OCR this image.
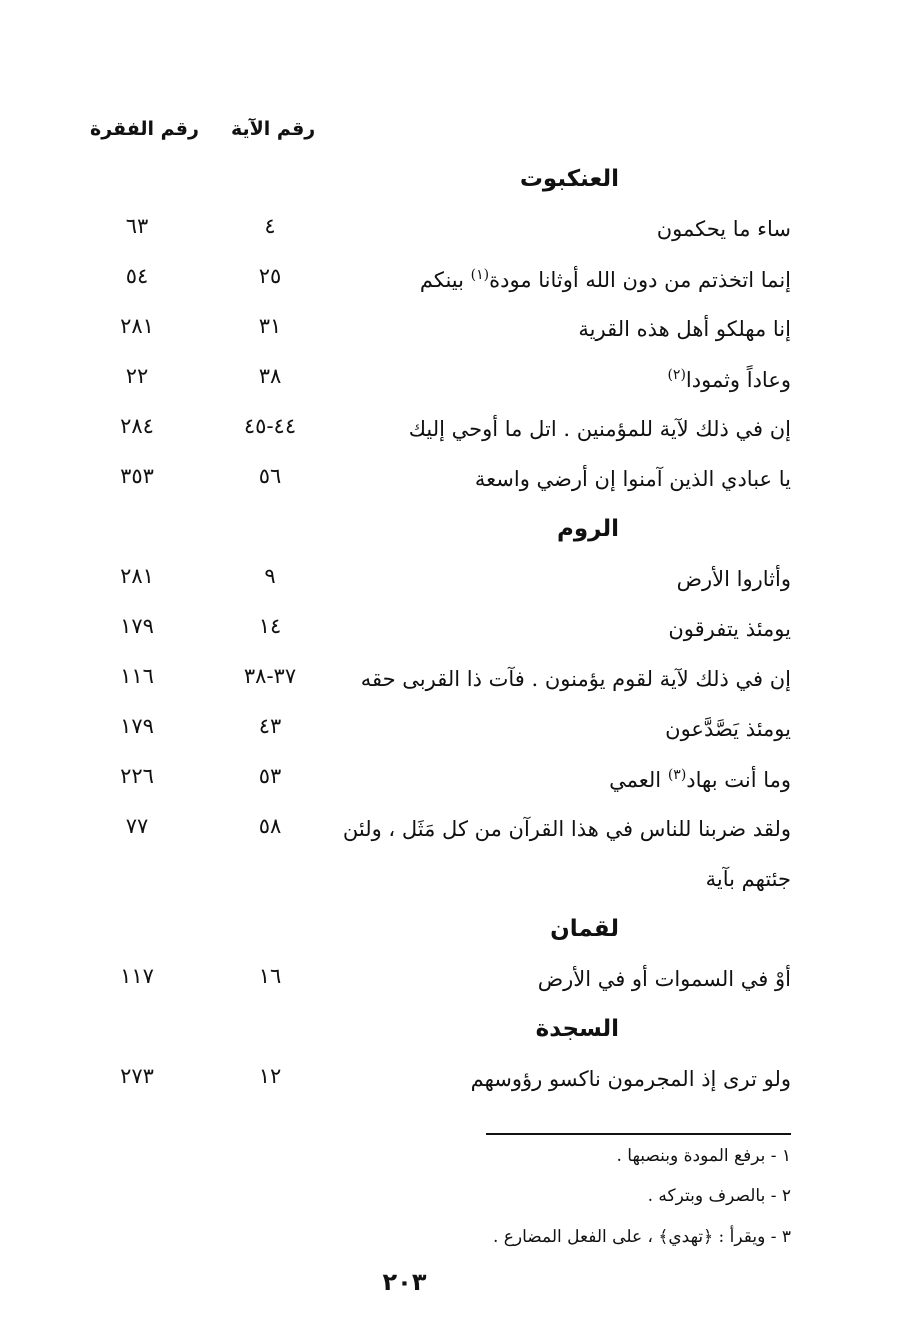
رقم الآية
رقم الفقرة
العنكبوت
ساء ما يحكمون
٤
٦٣
إنما اتخذتم من دون الله أوثانا مودة$^{(١)}$ بينكم
٢٥
٥٤
إنا مهلكو أهل هذه القرية
٣١
٢٨١
وعاداً وثمودا$^{(٢)}$
٣٨
٢٢
إن في ذلك لآية للمؤمنين . اتل ما أوحي إليك
٤٤-٤٥
٢٨٤
يا عبادي الذين آمنوا إن أرضي واسعة
٥٦
٣٥٣
الروم
وأثاروا الأرض
٩
٢٨١
يومئذ يتفرقون
١٤
١٧٩
إن في ذلك لآية لقوم يؤمنون . فآت ذا القربى حقه
٣٧-٣٨
١١٦
يومئذ يَصَّدَّعون
٤٣
١٧٩
وما أنت بهاد$^{(٣)}$ العمي
٥٣
٢٢٦
ولقد ضربنا للناس في هذا القرآن من كل مَثَل ، ولئن
جئتهم بآية
٥٨
٧٧
لقمان
أوْ في السموات أو في الأرض
١٦
١١٧
السجدة
ولو ترى إذ المجرمون ناكسو رؤوسهم
١٢
٢٧٣
١ - برفع المودة وبنصبها .
٢ - بالصرف وبتركه .
٣ - ويقرأ : ﴿تهدي﴾ ، على الفعل المضارع .
٢٠٣
